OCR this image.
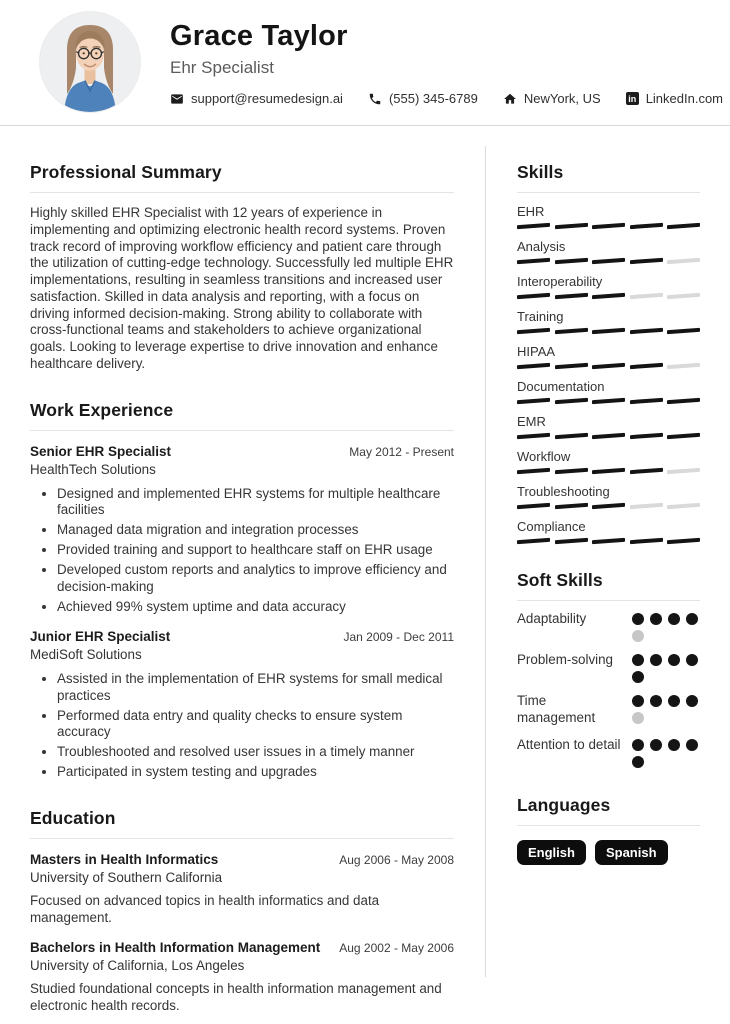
Grace Taylor
Ehr Specialist
support@resumedesign.ai	(555) 345-6789	NewYork, US	in LinkedIn.com
Professional Summary

Highly skilled EHR Specialist with 12 years of experience in implementing and optimizing electronic health record systems. Proven track record of improving workflow efficiency and patient care through the utilization of cutting-edge technology. Successfully led multiple EHR implementations, resulting in seamless transitions and increased user satisfaction. Skilled in data analysis and reporting, with a focus on driving informed decision-making. Strong ability to collaborate with cross-functional teams and stakeholders to achieve organizational goals. Looking to leverage expertise to drive innovation and enhance healthcare delivery.

Work Experience
Senior EHR Specialist	May 2012 - Present
HealthTech Solutions
• Designed and implemented EHR systems for multiple healthcare facilities
• Managed data migration and integration processes
• Provided training and support to healthcare staff on EHR usage
• Developed custom reports and analytics to improve efficiency and decision-making
• Achieved 99% system uptime and data accuracy
Junior EHR Specialist	Jan 2009 - Dec 2011
MediSoft Solutions
• Assisted in the implementation of EHR systems for small medical practices
• Performed data entry and quality checks to ensure system accuracy
• Troubleshooted and resolved user issues in a timely manner
• Participated in system testing and upgrades
Education
Masters in Health Informatics	Aug 2006 - May 2008
University of Southern California
Focused on advanced topics in health informatics and data management.
Bachelors in Health Information Management Aug 2002 - May 2006
University of California, Los Angeles
Studied foundational concepts in health information management and electronic health records.
Skills
EHR
Analysis
Interoperability
Training
HIPAA
Documentation
EMR
Workflow
Troubleshooting
Compliance
Soft Skills
Adaptability
Problem-solving
Time management
Attention to detail
Languages
English	Spanish
